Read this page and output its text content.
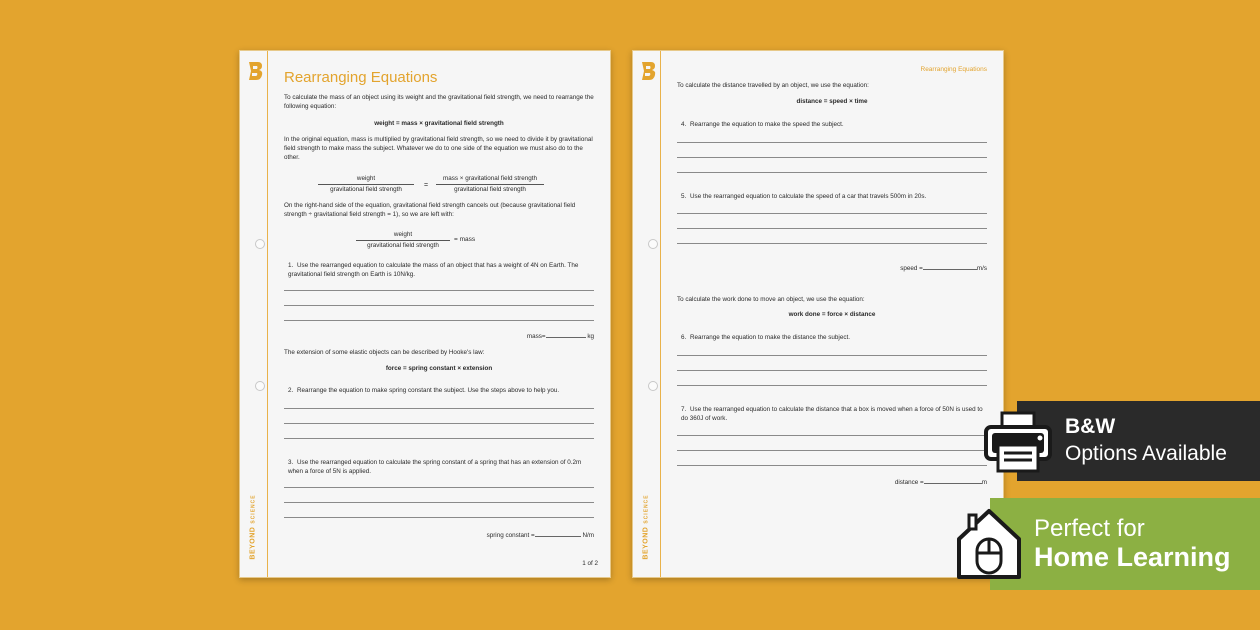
BEYONDSCIENCE
Rearranging Equations
To calculate the mass of an object using its weight and the gravitational field strength, we need to rearrange the following equation:
weight = mass × gravitational field strength
In the original equation, mass is multiplied by gravitational field strength, so we need to divide it by gravitational field strength to make mass the subject. Whatever we do to one side of the equation we must also do to the other.
weight
gravitational field strength
=
mass × gravitational field strength
gravitational field strength
On the right-hand side of the equation, gravitational field strength cancels out (because gravitational field strength ÷ gravitational field strength = 1), so we are left with:
weight
gravitational field strength
= mass
1. Use the rearranged equation to calculate the mass of an object that has a weight of 4N on Earth. The gravitational field strength on Earth is 10N/kg.
mass=	kg
The extension of some elastic objects can be described by Hooke's law:
force = spring constant × extension
2. Rearrange the equation to make spring constant the subject. Use the steps above to help you.
3. Use the rearranged equation to calculate the spring constant of a spring that has an extension of 0.2m when a force of 5N is applied.
spring constant =	N/m
1 of 2
BEYONDSCIENCE
Rearranging Equations
To calculate the distance travelled by an object, we use the equation:
distance = speed × time
4. Rearrange the equation to make the speed the subject.
5. Use the rearranged equation to calculate the speed of a car that travels 500m in 20s.
speed =	m/s
To calculate the work done to move an object, we use the equation:
work done = force × distance
6. Rearrange the equation to make the distance the subject.
7. Use the rearranged equation to calculate the distance that a box is moved when a force of 50N is used to do 360J of work.
distance =	m
B&W
Options Available
Perfect for
Home Learning
